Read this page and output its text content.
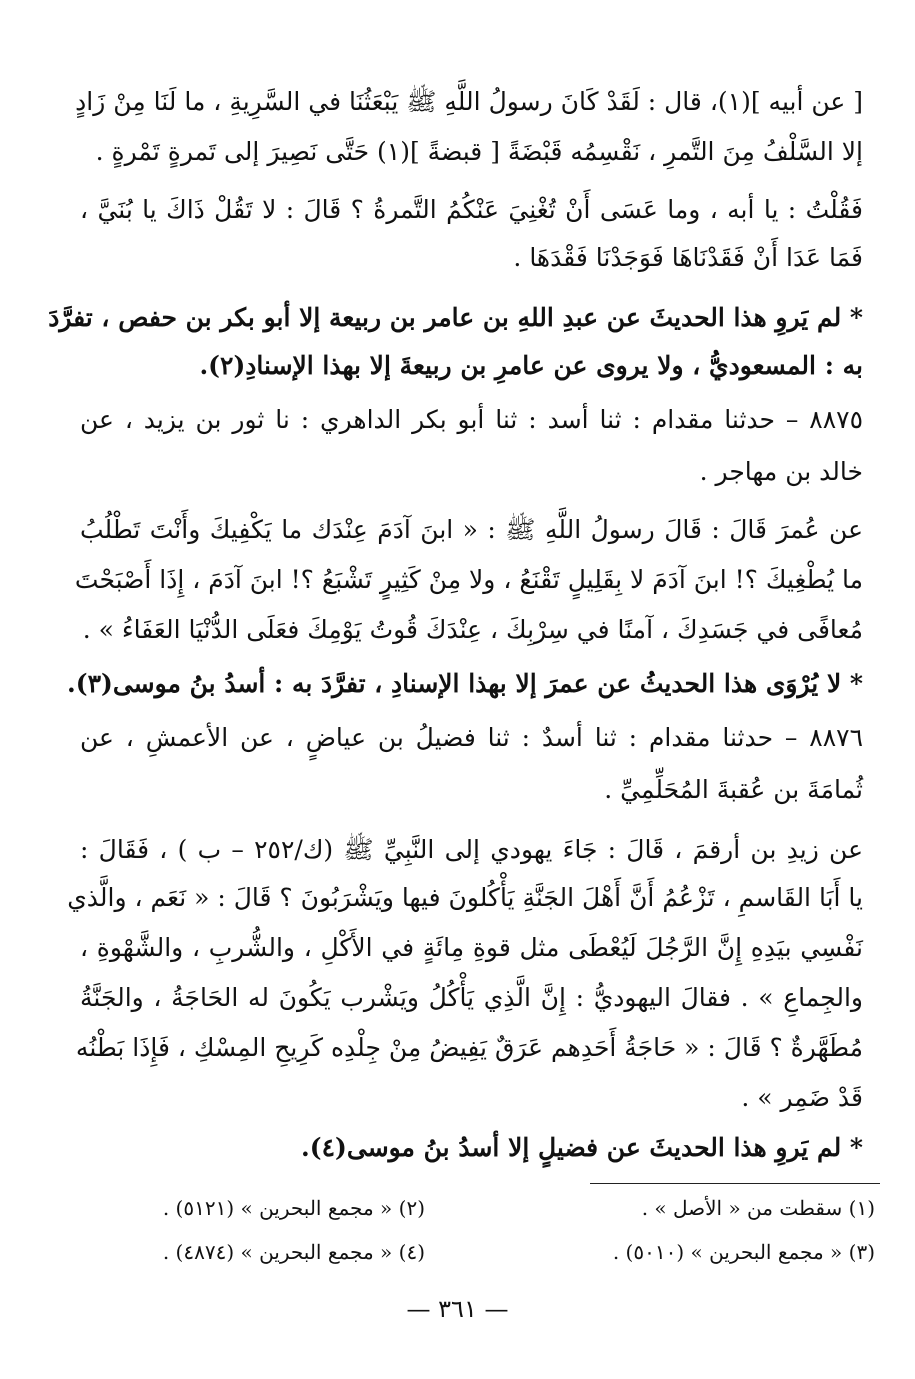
[ عن أبيه ](١)، قال : لَقَدْ كَانَ رسولُ اللَّهِ ﷺ يَبْعَثُنَا في السَّرِيةِ ، ما لَنَا مِنْ زَادٍ
إلا السَّلْفُ مِنَ التَّمرِ ، نَقْسِمُه قَبْضَةً [ قبضةً ](١) حَتَّى نَصِيرَ إلى تَمرةٍ تَمْرةٍ .
فَقُلْتُ : يا أبه ، وما عَسَى أَنْ تُغْنِيَ عَنْكُمُ التَّمرةُ ؟ قَالَ : لا تَقُلْ ذَاكَ يا بُنَيَّ ،
فَمَا عَدَا أَنْ فَقَدْنَاهَا فَوَجَدْنَا فَقْدَهَا .
* لم يَروِ هذا الحديثَ عن عبدِ اللهِ بن عامر بن ربيعة إلا أبو بكر بن حفص ، تفرَّدَ
به : المسعوديُّ ، ولا يروى عن عامرِ بن ربيعةَ إلا بهذا الإسنادِ(٢).
٨٨٧٥ – حدثنا مقدام : ثنا أسد : ثنا أبو بكر الداهري : نا ثور بن يزيد ، عن
خالد بن مهاجر .
عن عُمرَ قَالَ : قَالَ رسولُ اللَّهِ ﷺ : « ابنَ آدَمَ عِنْدَك ما يَكْفِيكَ وأَنْتَ تَطْلُبُ
ما يُطْغِيكَ ؟! ابنَ آدَمَ لا بِقَلِيلٍ تَقْنَعُ ، ولا مِنْ كَثِيرٍ تَشْبَعُ ؟! ابنَ آدَمَ ، إِذَا أَصْبَحْتَ
مُعافًى في جَسَدِكَ ، آمنًا في سِرْبِكَ ، عِنْدَكَ قُوتُ يَوْمِكَ فعَلَى الدُّنْيَا العَفَاءُ » .
* لا يُرْوَى هذا الحديثُ عن عمرَ إلا بهذا الإسنادِ ، تفرَّدَ به : أسدُ بنُ موسى(٣).
٨٨٧٦ – حدثنا مقدام : ثنا أسدٌ : ثنا فضيلُ بن عياضٍ ، عن الأعمشِ ، عن
ثُمامَةَ بن عُقبةَ المُحَلِّمِيِّ .
عن زيدِ بن أرقمَ ، قَالَ : جَاءَ يهودي إلى النَّبِيِّ ﷺ (ك/٢٥٢ – ب ) ، فَقَالَ :
يا أَبَا القَاسمِ ، تَزْعُمُ أَنَّ أَهْلَ الجَنَّةِ يَأْكُلونَ فيها ويَشْرَبُونَ ؟ قَالَ : « نَعَم ، والَّذي
نَفْسِي بيَدِهِ إِنَّ الرَّجُلَ لَيُعْطَى مثل قوةِ مِائَةٍ في الأَكْلِ ، والشُّربِ ، والشَّهْوةِ ،
والجِماعِ » . فقالَ اليهوديُّ : إِنَّ الَّذِي يَأْكُلُ ويَشْرب يَكُونَ له الحَاجَةُ ، والجَنَّةُ
مُطَهَّرةٌ ؟ قَالَ : « حَاجَةُ أَحَدِهم عَرَقٌ يَفِيضُ مِنْ جِلْدِه كَرِيحِ المِسْكِ ، فَإِذَا بَطْنُه
قَدْ ضَمِر » .
* لم يَروِ هذا الحديثَ عن فضيلٍ إلا أسدُ بنُ موسى(٤).
(١) سقطت من « الأصل » .
(٢) « مجمع البحرين » (٥١٢١) .
(٣) « مجمع البحرين » (٥٠١٠) .
(٤) « مجمع البحرين » (٤٨٧٤) .
— ٣٦١ —
